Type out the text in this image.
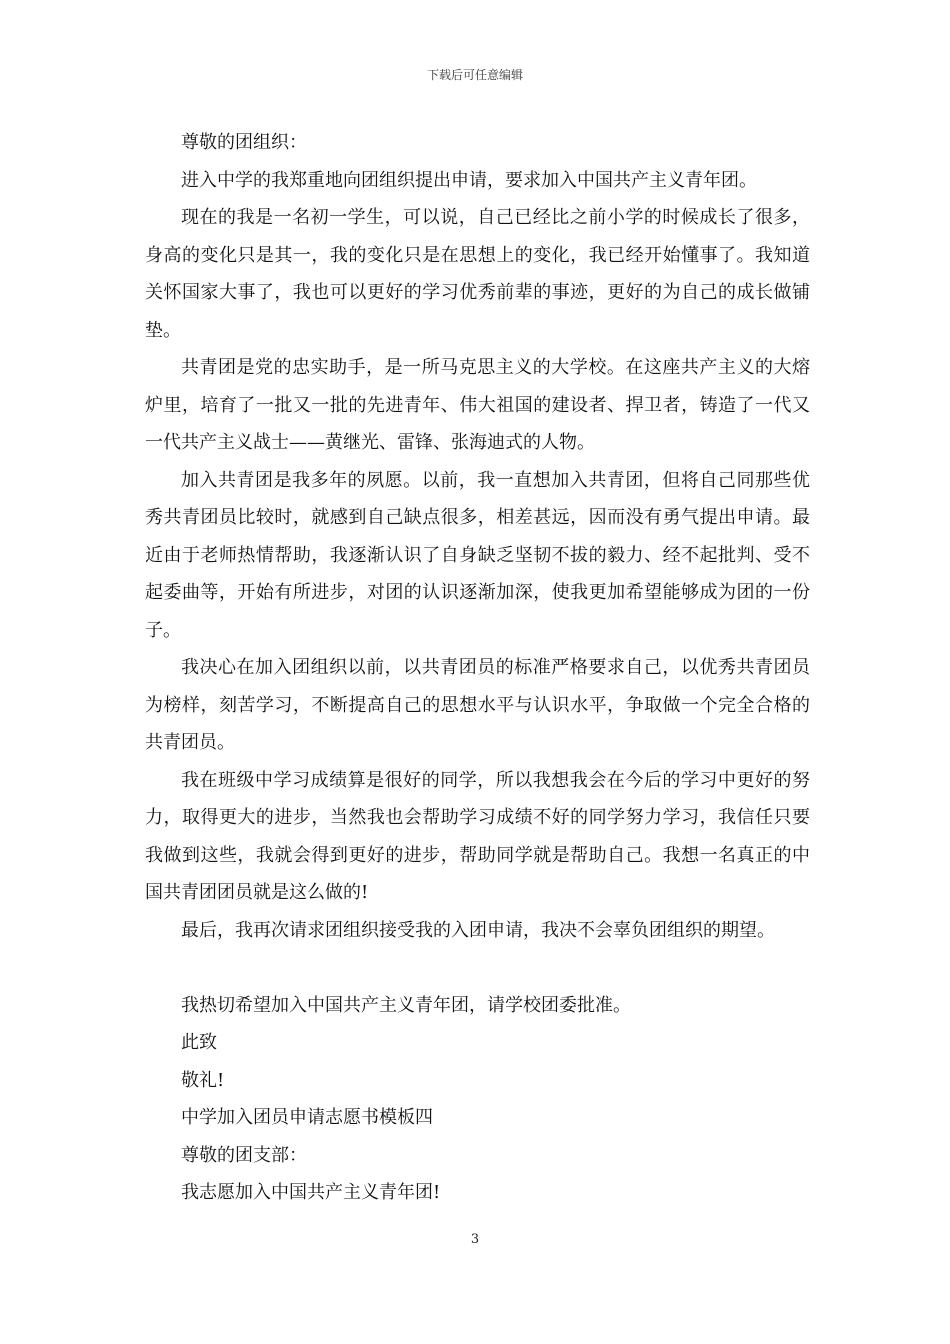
下载后可任意编辑

尊敬的团组织：

进入中学的我郑重地向团组织提出申请，要求加入中国共产主义青年团。

现在的我是一名初一学生，可以说，自己已经比之前小学的时候成长了很多，身高的变化只是其一，我的变化只是在思想上的变化，我已经开始懂事了。我知道关怀国家大事了，我也可以更好的学习优秀前辈的事迹，更好的为自己的成长做铺垫。

共青团是党的忠实助手，是一所马克思主义的大学校。在这座共产主义的大熔炉里，培育了一批又一批的先进青年、伟大祖国的建设者、捍卫者，铸造了一代又一代共产主义战士——黄继光、雷锋、张海迪式的人物。

加入共青团是我多年的夙愿。以前，我一直想加入共青团，但将自己同那些优秀共青团员比较时，就感到自己缺点很多，相差甚远，因而没有勇气提出申请。最近由于老师热情帮助，我逐渐认识了自身缺乏坚韧不拔的毅力、经不起批判、受不起委曲等，开始有所进步，对团的认识逐渐加深，使我更加希望能够成为团的一份子。

我决心在加入团组织以前，以共青团员的标准严格要求自己，以优秀共青团员为榜样，刻苦学习，不断提高自己的思想水平与认识水平，争取做一个完全合格的共青团员。

我在班级中学习成绩算是很好的同学，所以我想我会在今后的学习中更好的努力，取得更大的进步，当然我也会帮助学习成绩不好的同学努力学习，我信任只要我做到这些，我就会得到更好的进步，帮助同学就是帮助自己。我想一名真正的中国共青团团员就是这么做的!

最后，我再次请求团组织接受我的入团申请，我决不会辜负团组织的期望。

我热切希望加入中国共产主义青年团，请学校团委批准。

此致

敬礼!

中学加入团员申请志愿书模板四

尊敬的团支部：

我志愿加入中国共产主义青年团!

3
